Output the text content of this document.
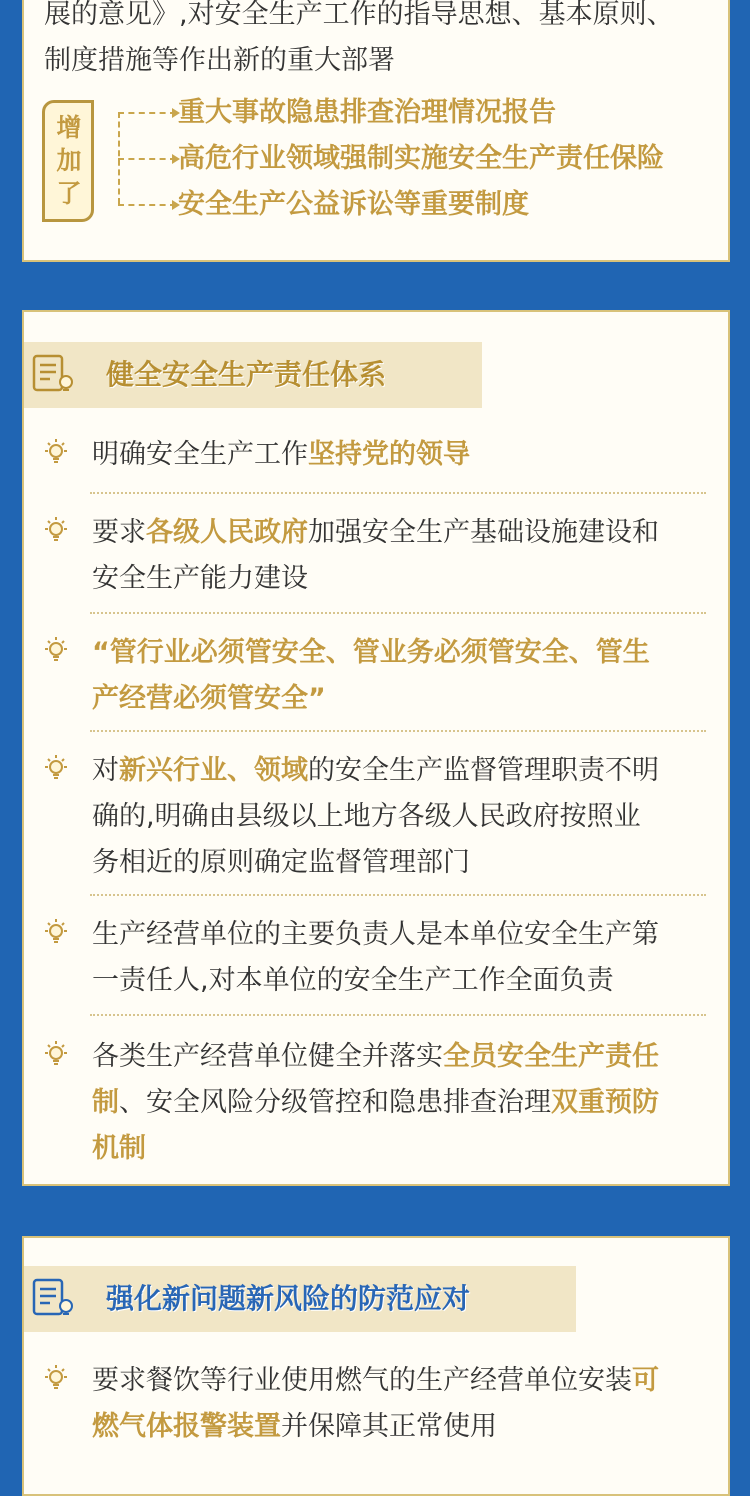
展的意见》,对安全生产工作的指导思想、基本原则、
制度措施等作出新的重大部署

增加了
重大事故隐患排查治理情况报告
高危行业领域强制实施安全生产责任保险
安全生产公益诉讼等重要制度
健全安全生产责任体系
明确安全生产工作坚持党的领导
要求各级人民政府加强安全生产基础设施建设和
安全生产能力建设
“管行业必须管安全、管业务必须管安全、管生
产经营必须管安全”
对新兴行业、领域的安全生产监督管理职责不明
确的,明确由县级以上地方各级人民政府按照业
务相近的原则确定监督管理部门
生产经营单位的主要负责人是本单位安全生产第
一责任人,对本单位的安全生产工作全面负责
各类生产经营单位健全并落实全员安全生产责任
制、安全风险分级管控和隐患排查治理双重预防
机制
强化新问题新风险的防范应对
要求餐饮等行业使用燃气的生产经营单位安装可
燃气体报警装置并保障其正常使用
